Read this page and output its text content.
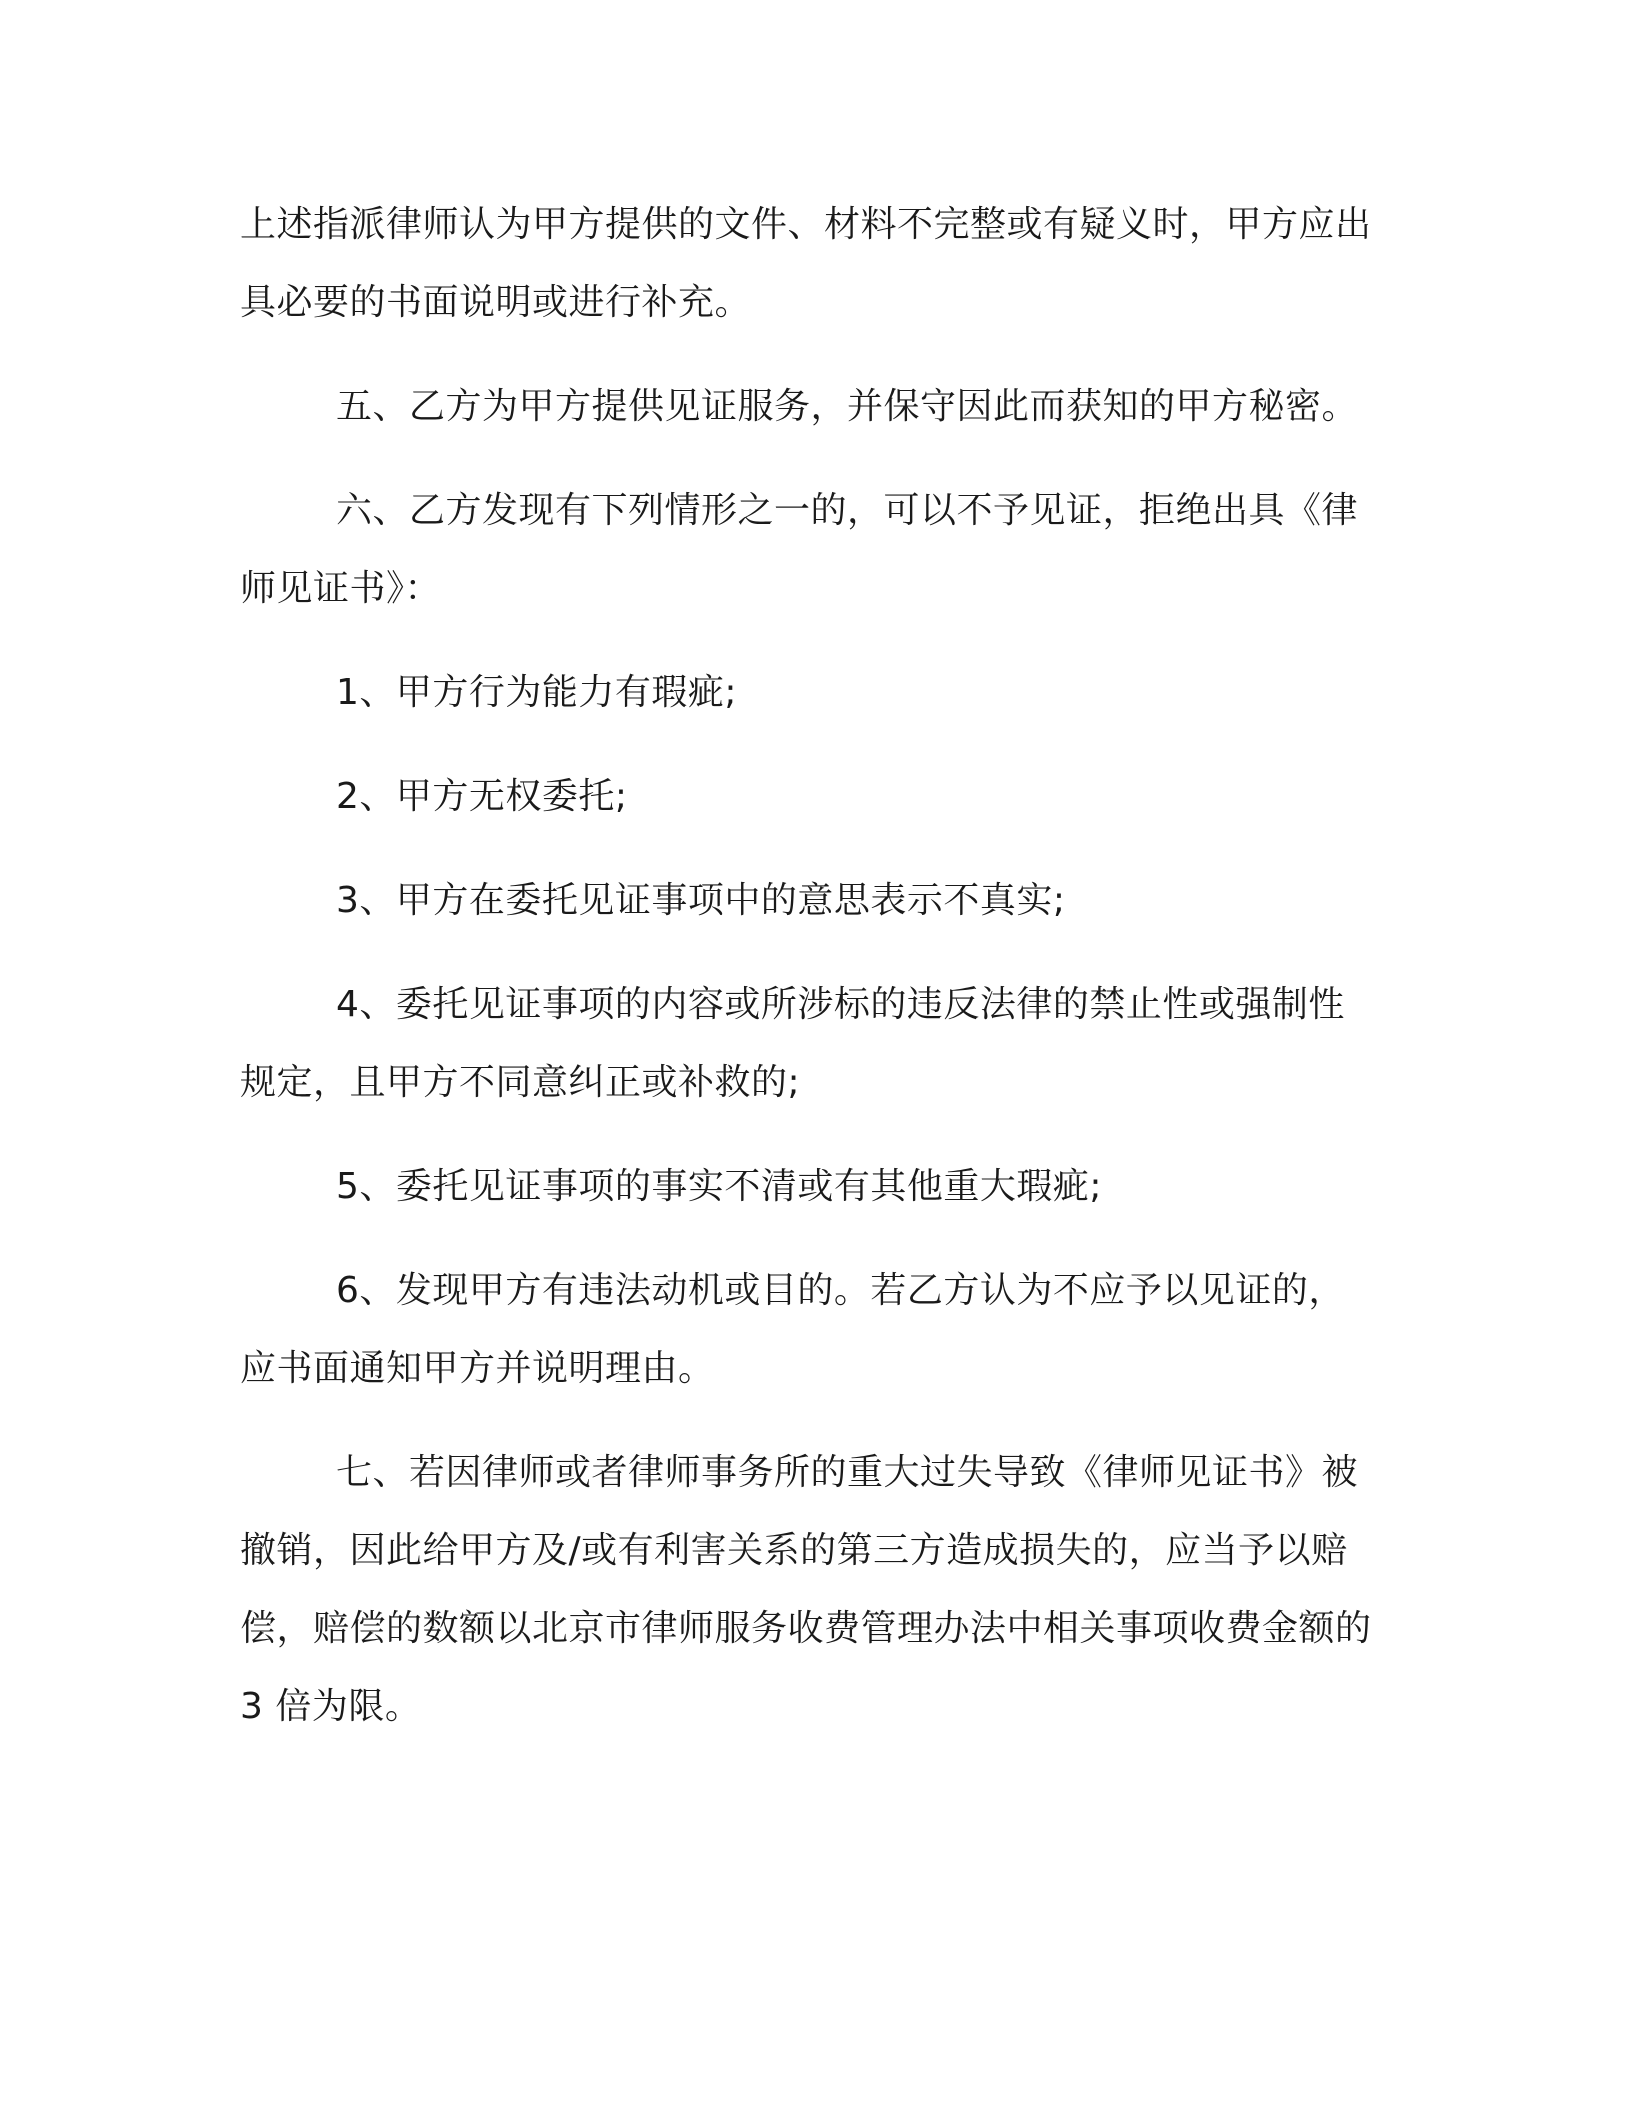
上述指派律师认为甲方提供的文件、材料不完整或有疑义时，甲方应出具必要的书面说明或进行补充。

五、乙方为甲方提供见证服务，并保守因此而获知的甲方秘密。

六、乙方发现有下列情形之一的，可以不予见证，拒绝出具《律师见证书》：

1、甲方行为能力有瑕疵;

2、甲方无权委托;

3、甲方在委托见证事项中的意思表示不真实;

4、委托见证事项的内容或所涉标的违反法律的禁止性或强制性规定，且甲方不同意纠正或补救的;

5、委托见证事项的事实不清或有其他重大瑕疵;

6、发现甲方有违法动机或目的。若乙方认为不应予以见证的，应书面通知甲方并说明理由。

七、若因律师或者律师事务所的重大过失导致《律师见证书》被撤销，因此给甲方及/或有利害关系的第三方造成损失的，应当予以赔偿，赔偿的数额以北京市律师服务收费管理办法中相关事项收费金额的 3 倍为限。
